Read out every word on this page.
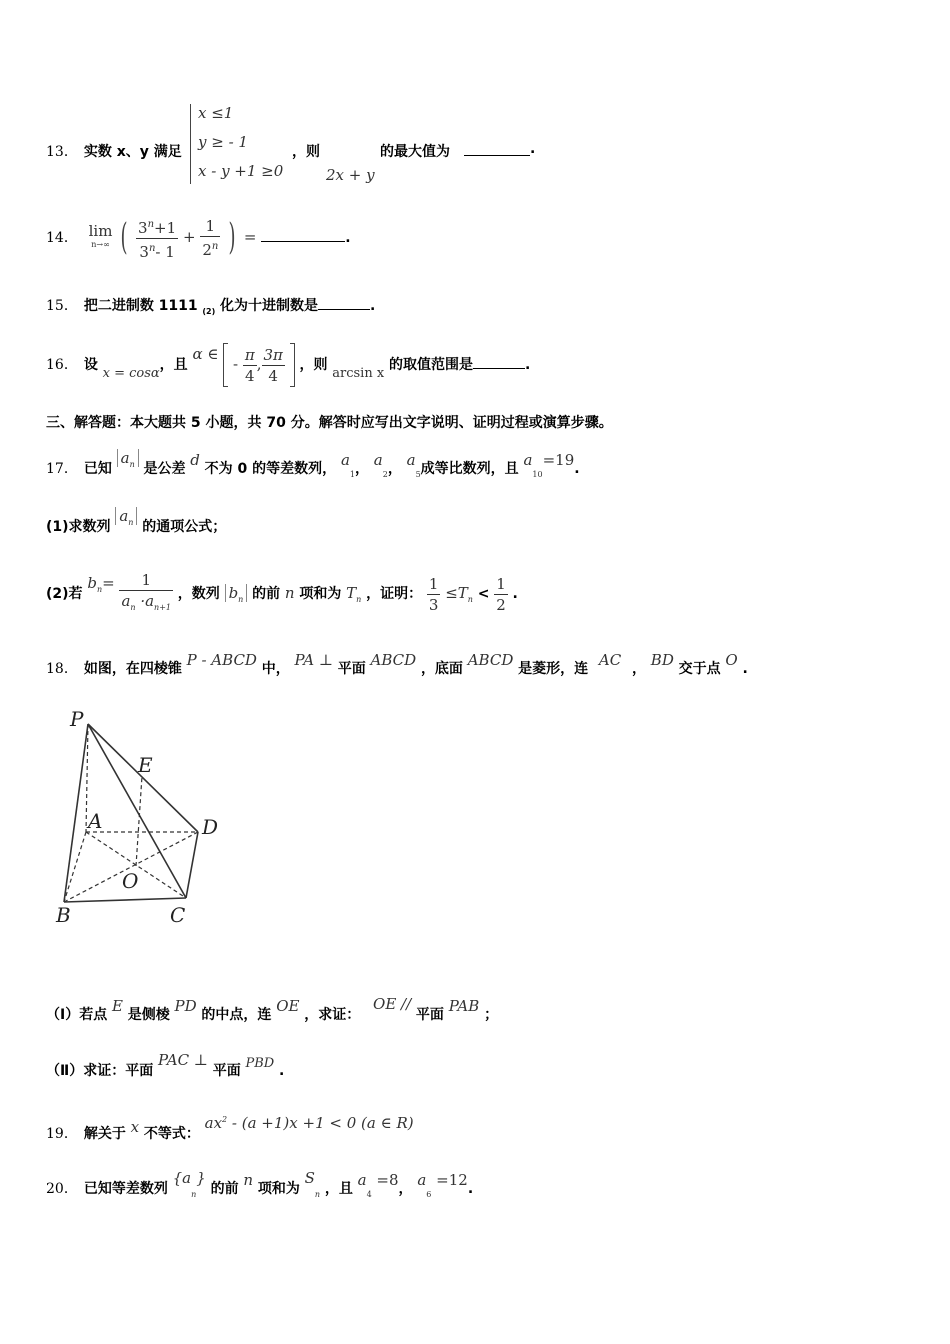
x ≤1
y ≥ - 1
x - y +1 ≥0
13． 实数 x、y 满足	，则
2x + y
的最大值为	.
14． lim
n→∞ ( $\frac{3^n+1}{3^n- 1} + \frac{1}{2^n}$ ) =	.
15． 把二进制数 1111 $_{(2)}$ 化为十进制数是	.
16． 设 x = cosα，且 α ∈  - $\frac{\pi}{4}$ , $\frac{3\pi}{4}$ ，则 arcsin x 的取值范围是	.
三、解答题：本大题共 5 小题，共 70 分。解答时应写出文字说明、证明过程或演算步骤。
17． 已知 $a_n$ 是公差 d 不为 0 的等差数列， $a_1$， $a_2$， $a_5$成等比数列，且 $a_{10}=19$.
(1)求数列 $a_n$ 的通项公式；
(2)若 $b_n= \frac{1}{a_n \cdot a_{n+1}}$ ，数列 $b_n$ 的前 n 项和为 $T_n$ ，证明： $\frac{1}{3} \le T_n < \frac{1}{2}$ .
18． 如图，在四棱锥 P - ABCD 中， PA ⊥ 平面 ABCD ，底面 ABCD 是菱形，连 AC ， BD 交于点 O .
P
E
A	D
O
B	C
（Ⅰ）若点 E 是侧棱 PD 的中点，连 OE ，求证： OE // 平面 PAB ；
（Ⅱ）求证：平面 PAC ⊥ 平面 PBD .
19． 解关于 x 不等式： $ax^2 - (a +1)x +1 < 0$ (a ∈ R)
20． 已知等差数列 $\{a_n\}$ 的前 n 项和为 $S_n$ ，且 $a_4 =8$， $a_6 =12$.
